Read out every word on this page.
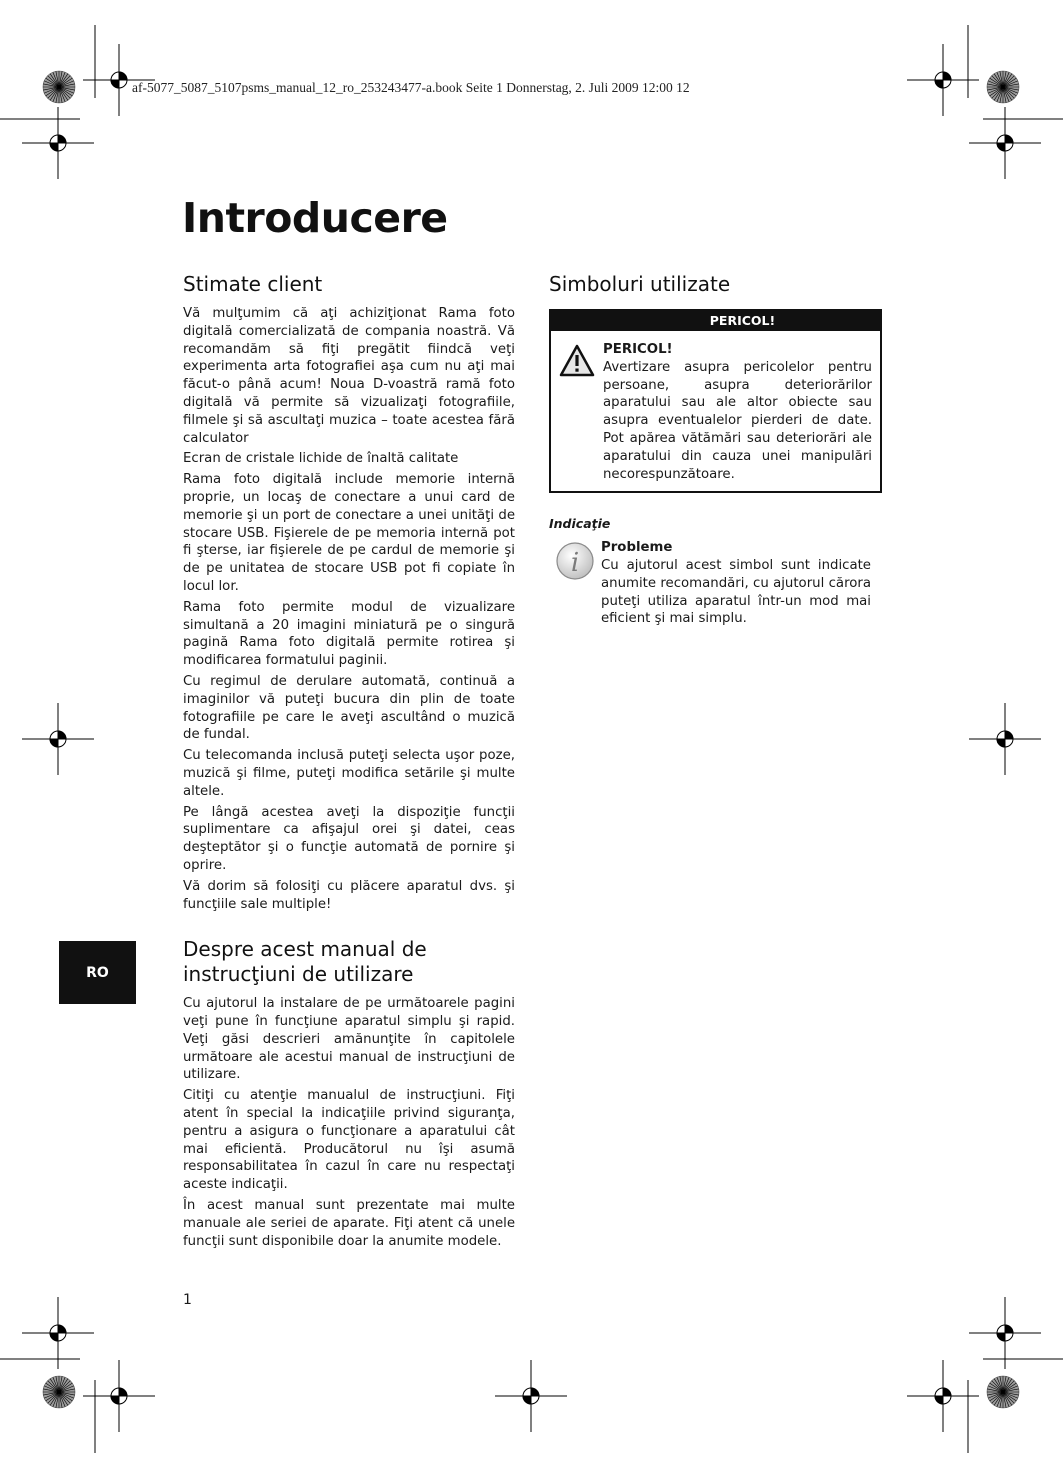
af-5077_5087_5107psms_manual_12_ro_253243477-a.book Seite 1 Donnerstag, 2. Juli 2009 12:00 12
Introducere
Stimate client

Vă mulţumim că aţi achiziţionat Rama foto digitală comercializată de compania noastră. Vă recomandăm să fiţi pregătit fiindcă veţi experimenta arta fotografiei aşa cum nu aţi mai făcut-o până acum! Noua D-voastră ramă foto digitală vă permite să vizualizaţi fotografiile, filmele şi să ascultaţi muzica – toate acestea fără calculator

Ecran de cristale lichide de înaltă calitate

Rama foto digitală include memorie internă proprie, un locaş de conectare a unui card de memorie şi un port de conectare a unei unităţi de stocare USB. Fişierele de pe memoria internă pot fi şterse, iar fişierele de pe cardul de memorie şi de pe unitatea de stocare USB pot fi copiate în locul lor.

Rama foto permite modul de vizualizare simultană a 20 imagini miniatură pe o singură pagină Rama foto digitală permite rotirea şi modificarea formatului paginii.

Cu regimul de derulare automată, continuă a imaginilor vă puteţi bucura din plin de toate fotografiile pe care le aveţi ascultând o muzică de fundal.

Cu telecomanda inclusă puteţi selecta uşor poze, muzică şi filme, puteţi modifica setările şi multe altele.

Pe lângă acestea aveţi la dispoziţie funcţii suplimentare ca afişajul orei şi datei, ceas deşteptător şi o funcţie automată de pornire şi oprire.

Vă dorim să folosiţi cu plăcere aparatul dvs. şi funcţiile sale multiple!

Despre acest manual de instrucţiuni de utilizare

Cu ajutorul la instalare de pe următoarele pagini veţi pune în funcţiune aparatul simplu şi rapid. Veţi găsi descrieri amănunţite în capitolele următoare ale acestui manual de instrucţiuni de utilizare.

Citiţi cu atenţie manualul de instrucţiuni. Fiţi atent în special la indicaţiile privind siguranţa, pentru a asigura o funcţionare a aparatului cât mai eficientă. Producătorul nu îşi asumă responsabilitatea în cazul în care nu respectaţi aceste indicaţii.

În acest manual sunt prezentate mai multe manuale ale seriei de aparate. Fiţi atent că unele funcţii sunt disponibile doar la anumite modele.

Simboluri utilizate
PERICOL!
PERICOL!

Avertizare asupra pericolelor pentru persoane, asupra deteriorărilor aparatului sau ale altor obiecte sau asupra eventualelor pierderi de date. Pot apărea vătămări sau deteriorări ale aparatului din cauza unei manipulări necorespunzătoare.

Indicaţie
i
Probleme

Cu ajutorul acest simbol sunt indicate anumite recomandări, cu ajutorul cărora puteţi utiliza aparatul într-un mod mai eficient şi mai simplu.

RO
1
